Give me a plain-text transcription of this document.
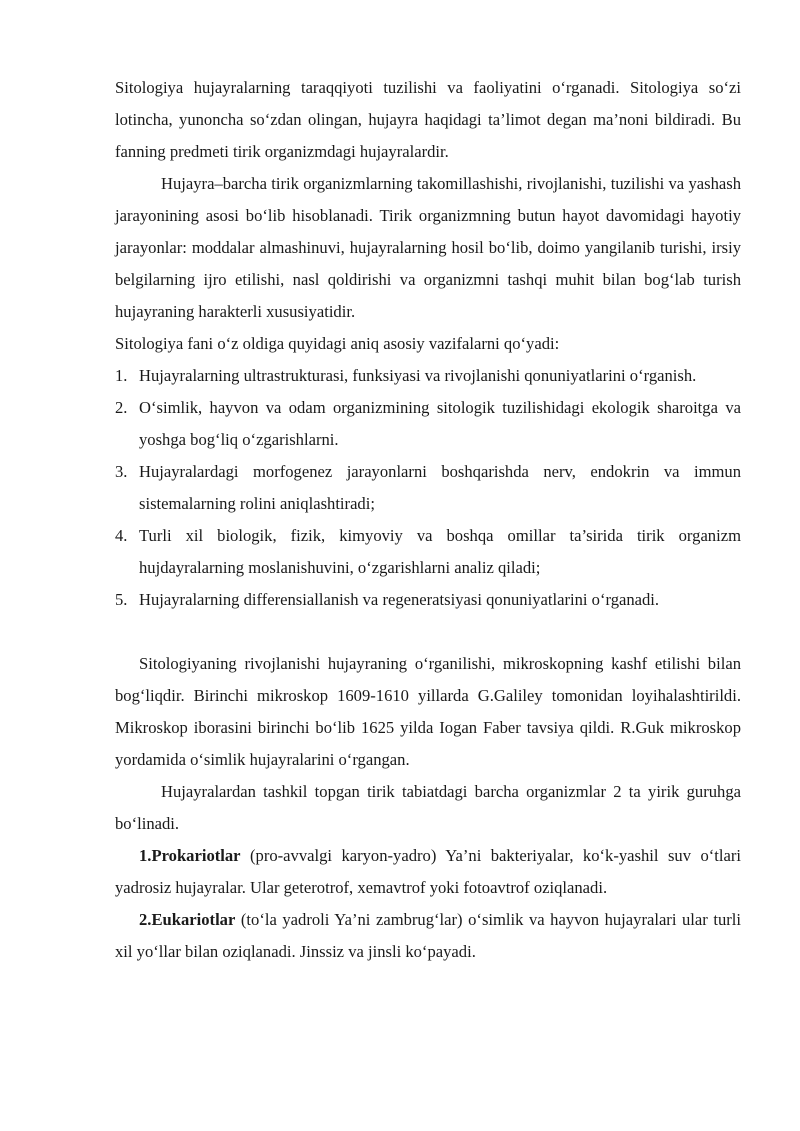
Sitologiya hujayralarning taraqqiyoti tuzilishi va faoliyatini o‘rganadi. Sitologiya so‘zi lotincha, yunoncha so‘zdan olingan, hujayra haqidagi ta’limot degan ma’noni bildiradi. Bu fanning predmeti tirik organizmdagi hujayralardir.

Hujayra–barcha tirik organizmlarning takomillashishi, rivojlanishi, tuzilishi va yashash jarayonining asosi bo‘lib hisoblanadi. Tirik organizmning butun hayot davomidagi hayotiy jarayonlar: moddalar almashinuvi, hujayralarning hosil bo‘lib, doimo yangilanib turishi, irsiy belgilarning ijro etilishi, nasl qoldirishi va organizmni tashqi muhit bilan bog‘lab turish hujayraning harakterli xususiyatidir.

Sitologiya fani o‘z oldiga quyidagi aniq asosiy vazifalarni qo‘yadi:

1. Hujayralarning ultrastrukturasi, funksiyasi va rivojlanishi qonuniyatlarini o‘rganish.
2. O‘simlik, hayvon va odam organizmining sitologik tuzilishidagi ekologik sharoitga va yoshga bog‘liq o‘zgarishlarni.
3. Hujayralardagi morfogenez jarayonlarni boshqarishda nerv, endokrin va immun sistemalarning rolini aniqlashtiradi;
4. Turli xil biologik, fizik, kimyoviy va boshqa omillar ta’sirida tirik organizm hujdayralarning moslanishuvini, o‘zgarishlarni analiz qiladi;
5. Hujayralarning differensiallanish va regeneratsiyasi qonuniyatlarini o‘rganadi.

Sitologiyaning rivojlanishi hujayraning o‘rganilishi, mikroskopning kashf etilishi bilan bog‘liqdir. Birinchi mikroskop 1609-1610 yillarda G.Galiley tomonidan loyihalashtirildi. Mikroskop iborasini birinchi bo‘lib 1625 yilda Iogan Faber tavsiya qildi. R.Guk mikroskop yordamida o‘simlik hujayralarini o‘rgangan.

Hujayralardan tashkil topgan tirik tabiatdagi barcha organizmlar 2 ta yirik guruhga bo‘linadi.

1.Prokariotlar (pro-avvalgi karyon-yadro) Ya’ni bakteriyalar, ko‘k-yashil suv o‘tlari yadrosiz hujayralar. Ular geterotrof, xemavtrof yoki fotoavtrof oziqlanadi.

2.Eukariotlar (to‘la yadroli Ya’ni zambrug‘lar) o‘simlik va hayvon hujayralari ular turli xil yo‘llar bilan oziqlanadi. Jinssiz va jinsli ko‘payadi.
